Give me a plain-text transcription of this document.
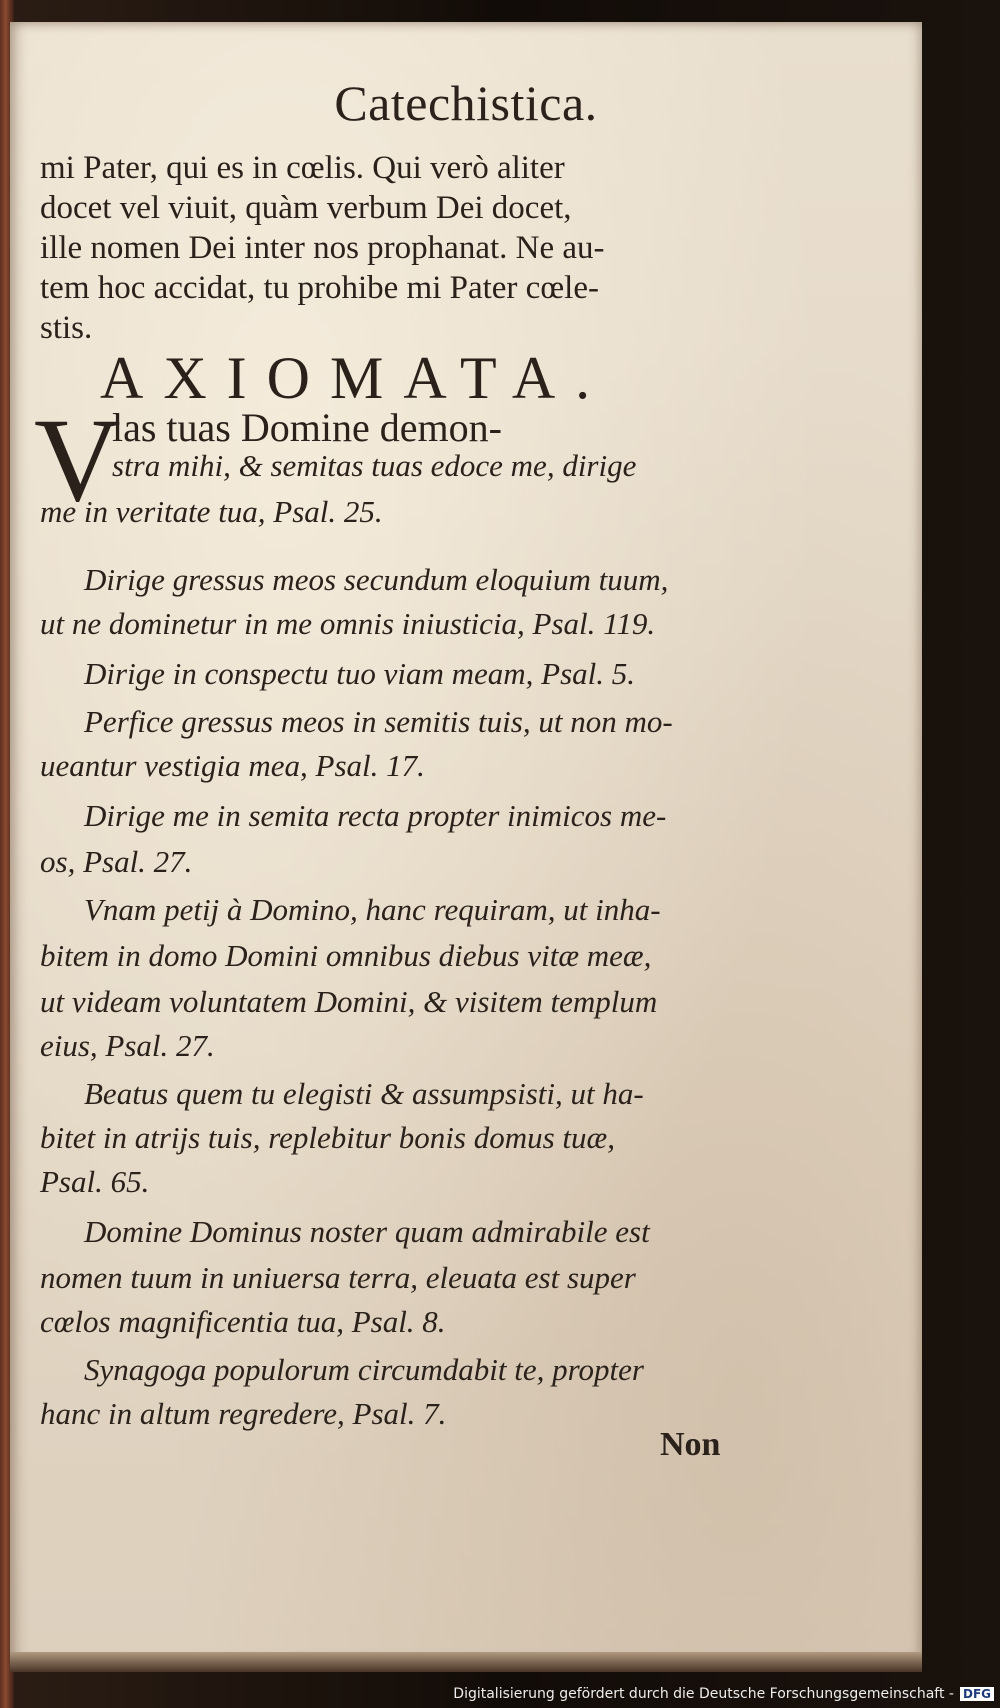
Catechistica.
AXIOMATA.
V
mi Pater, qui es in cœlis. Qui verò aliter
docet vel viuit, quàm verbum Dei docet,
ille nomen Dei inter nos prophanat. Ne au-
tem hoc accidat, tu prohibe mi Pater cœle-
stis.
las tuas Domine demon-
stra mihi, & semitas tuas edoce me, dirige
me in veritate tua, Psal. 25.
Dirige gressus meos secundum eloquium tuum,
ut ne dominetur in me omnis iniusticia, Psal. 119.
Dirige in conspectu tuo viam meam, Psal. 5.
Perfice gressus meos in semitis tuis, ut non mo-
ueantur vestigia mea, Psal. 17.
Dirige me in semita recta propter inimicos me-
os, Psal. 27.
Vnam petij à Domino, hanc requiram, ut inha-
bitem in domo Domini omnibus diebus vitæ meæ,
ut videam voluntatem Domini, & visitem templum
eius, Psal. 27.
Beatus quem tu elegisti & assumpsisti, ut ha-
bitet in atrijs tuis, replebitur bonis domus tuæ,
Psal. 65.
Domine Dominus noster quam admirabile est
nomen tuum in uniuersa terra, eleuata est super
cœlos magnificentia tua, Psal. 8.
Synagoga populorum circumdabit te, propter
hanc in altum regredere, Psal. 7.
Non
Digitalisierung gefördert durch die Deutsche Forschungsgemeinschaft - DFG
